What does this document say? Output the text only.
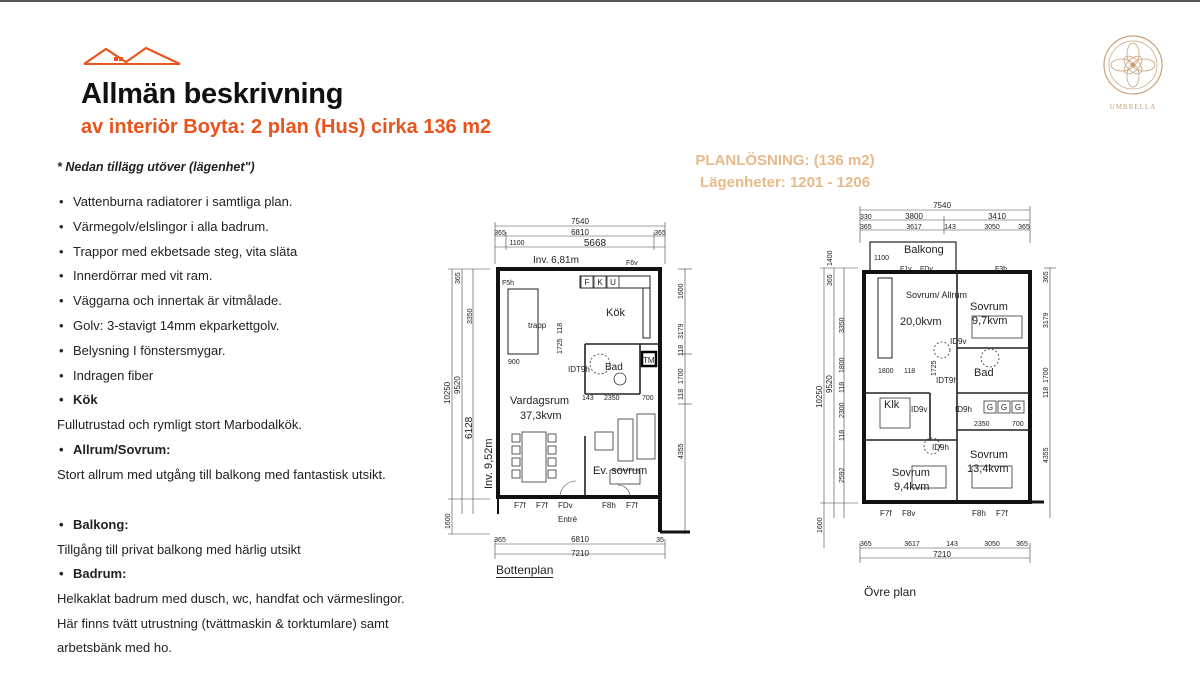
Allmän beskrivning
av interiör Boyta: 2 plan (Hus) cirka 136 m2
UMBRELLA
* Nedan tillägg utöver (lägenhet")
• Vattenburna radiatorer i samtliga plan.
• Värmegolv/elslingor i alla badrum.
• Trappor med ekbetsade steg, vita släta
• Innerdörrar med vit ram.
• Väggarna och innertak är vitmålade.
• Golv: 3-stavigt 14mm ekparkettgolv.
• Belysning I fönstersmygar.
• Indragen fiber
• Kök
Fullutrustad och rymligt stort Marbodalkök.
• Allrum/Sovrum:
Stort allrum med utgång till balkong med fantastisk utsikt.
• Balkong:
Tillgång till privat balkong med härlig utsikt
• Badrum:
Helkaklat badrum med dusch, wc, handfat och värmeslingor. Här finns tvätt utrustning (tvättmaskin & torktumlare) samt arbetsbänk med ho.
PLANLÖSNING: (136 m2)
Lägenheter: 1201 - 1206
7540
6810
365	365
1100	5668
Inv. 6,81m	F6v
F5h	F K U
Kök
trapp
900	Bad
TM
IDT9h
2350	700
143
1725
118
Vardagsrum
37,3kvm
Ev. sovrum
Inv. 9,52m
F7f F7f FDv	F8h F7f
Entré
6810
365	35
7210
10250 9520
6128
3350
365
1600
1600
3179
1700
118
118
4355
Bottenplan
7540
3800	3410
330
365	3617	143	3050	365
Balkong
1100
F1v FDv	F3h
Sovrum/ Allrum
20,0kvm
Sovrum
9,7kvm
ID9v
Bad
IDT9h
1800 118 1725
Klk ID9v	ID9h
ID9h
G G G
2350	700
Sovrum
9,4kvm
Sovrum
13,4kvm
F7f F8v	F8h F7f
365	3617	143	3050 365
7210
10250
9520
1600
365
1400
3350
1800
2300
2592
118
118
365
3179
1700
118
4355
Övre plan
